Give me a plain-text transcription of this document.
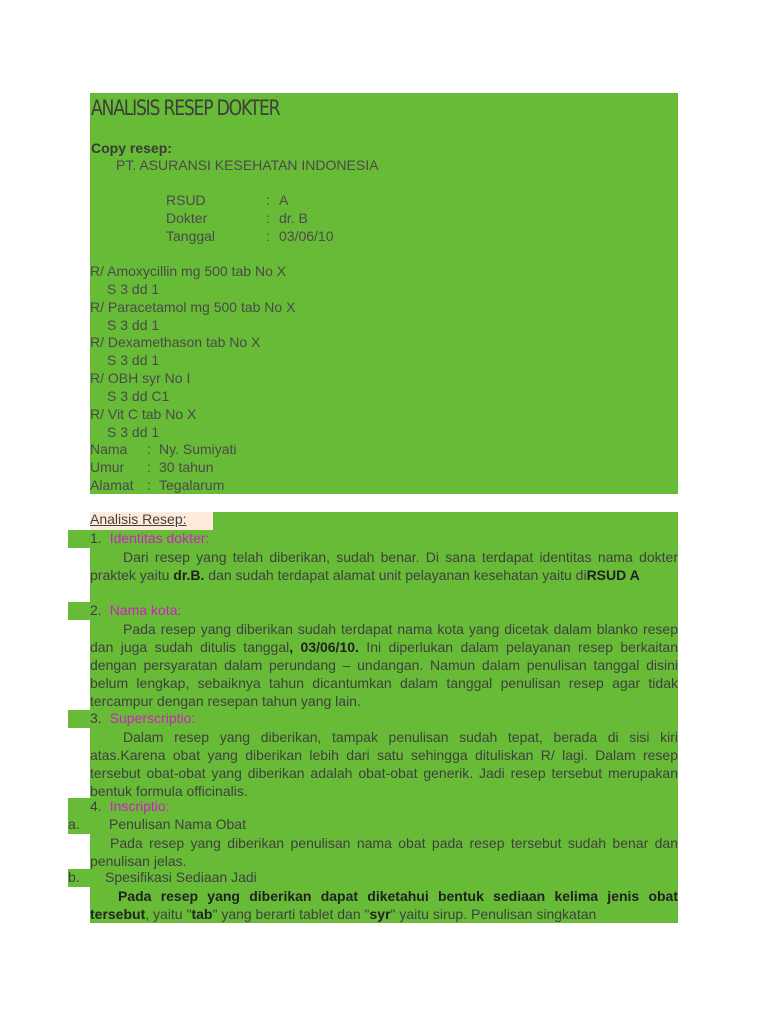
ANALISIS RESEP DOKTER
Copy resep:
PT. ASURANSI KESEHATAN INDONESIA
RSUD	: A
Dokter	: dr. B
Tanggal	: 03/06/10
R/ Amoxycillin mg 500 tab No X
S 3 dd 1
R/ Paracetamol mg 500 tab No X
S 3 dd 1
R/ Dexamethason tab No X
S 3 dd 1
R/ OBH syr No I
S 3 dd C1
R/ Vit C tab No X
S 3 dd 1
Nama : Ny. Sumiyati
Umur : 30 tahun
Alamat : Tegalarum
Analisis Resep:
1. Identitas dokter:
Dari resep yang telah diberikan, sudah benar. Di sana terdapat identitas nama dokter praktek yaitu dr.B. dan sudah terdapat alamat unit pelayanan kesehatan yaitu diRSUD A
2. Nama kota:
Pada resep yang diberikan sudah terdapat nama kota yang dicetak dalam blanko resep dan juga sudah ditulis tanggal, 03/06/10. Ini diperlukan dalam pelayanan resep berkaitan dengan persyaratan dalam perundang – undangan. Namun dalam penulisan tanggal disini belum lengkap, sebaiknya tahun dicantumkan dalam tanggal penulisan resep agar tidak tercampur dengan resepan tahun yang lain.
3. Superscriptio:
Dalam resep yang diberikan, tampak penulisan sudah tepat, berada di sisi kiri atas.Karena obat yang diberikan lebih dari satu sehingga dituliskan R/ lagi. Dalam resep tersebut obat-obat yang diberikan adalah obat-obat generik. Jadi resep tersebut merupakan bentuk formula officinalis.
4. Inscriptio:
a. Penulisan Nama Obat
Pada resep yang diberikan penulisan nama obat pada resep tersebut sudah benar dan penulisan jelas.
b. Spesifikasi Sediaan Jadi
Pada resep yang diberikan dapat diketahui bentuk sediaan kelima jenis obat tersebut, yaitu "tab" yang berarti tablet dan "syr" yaitu sirup. Penulisan singkatan
